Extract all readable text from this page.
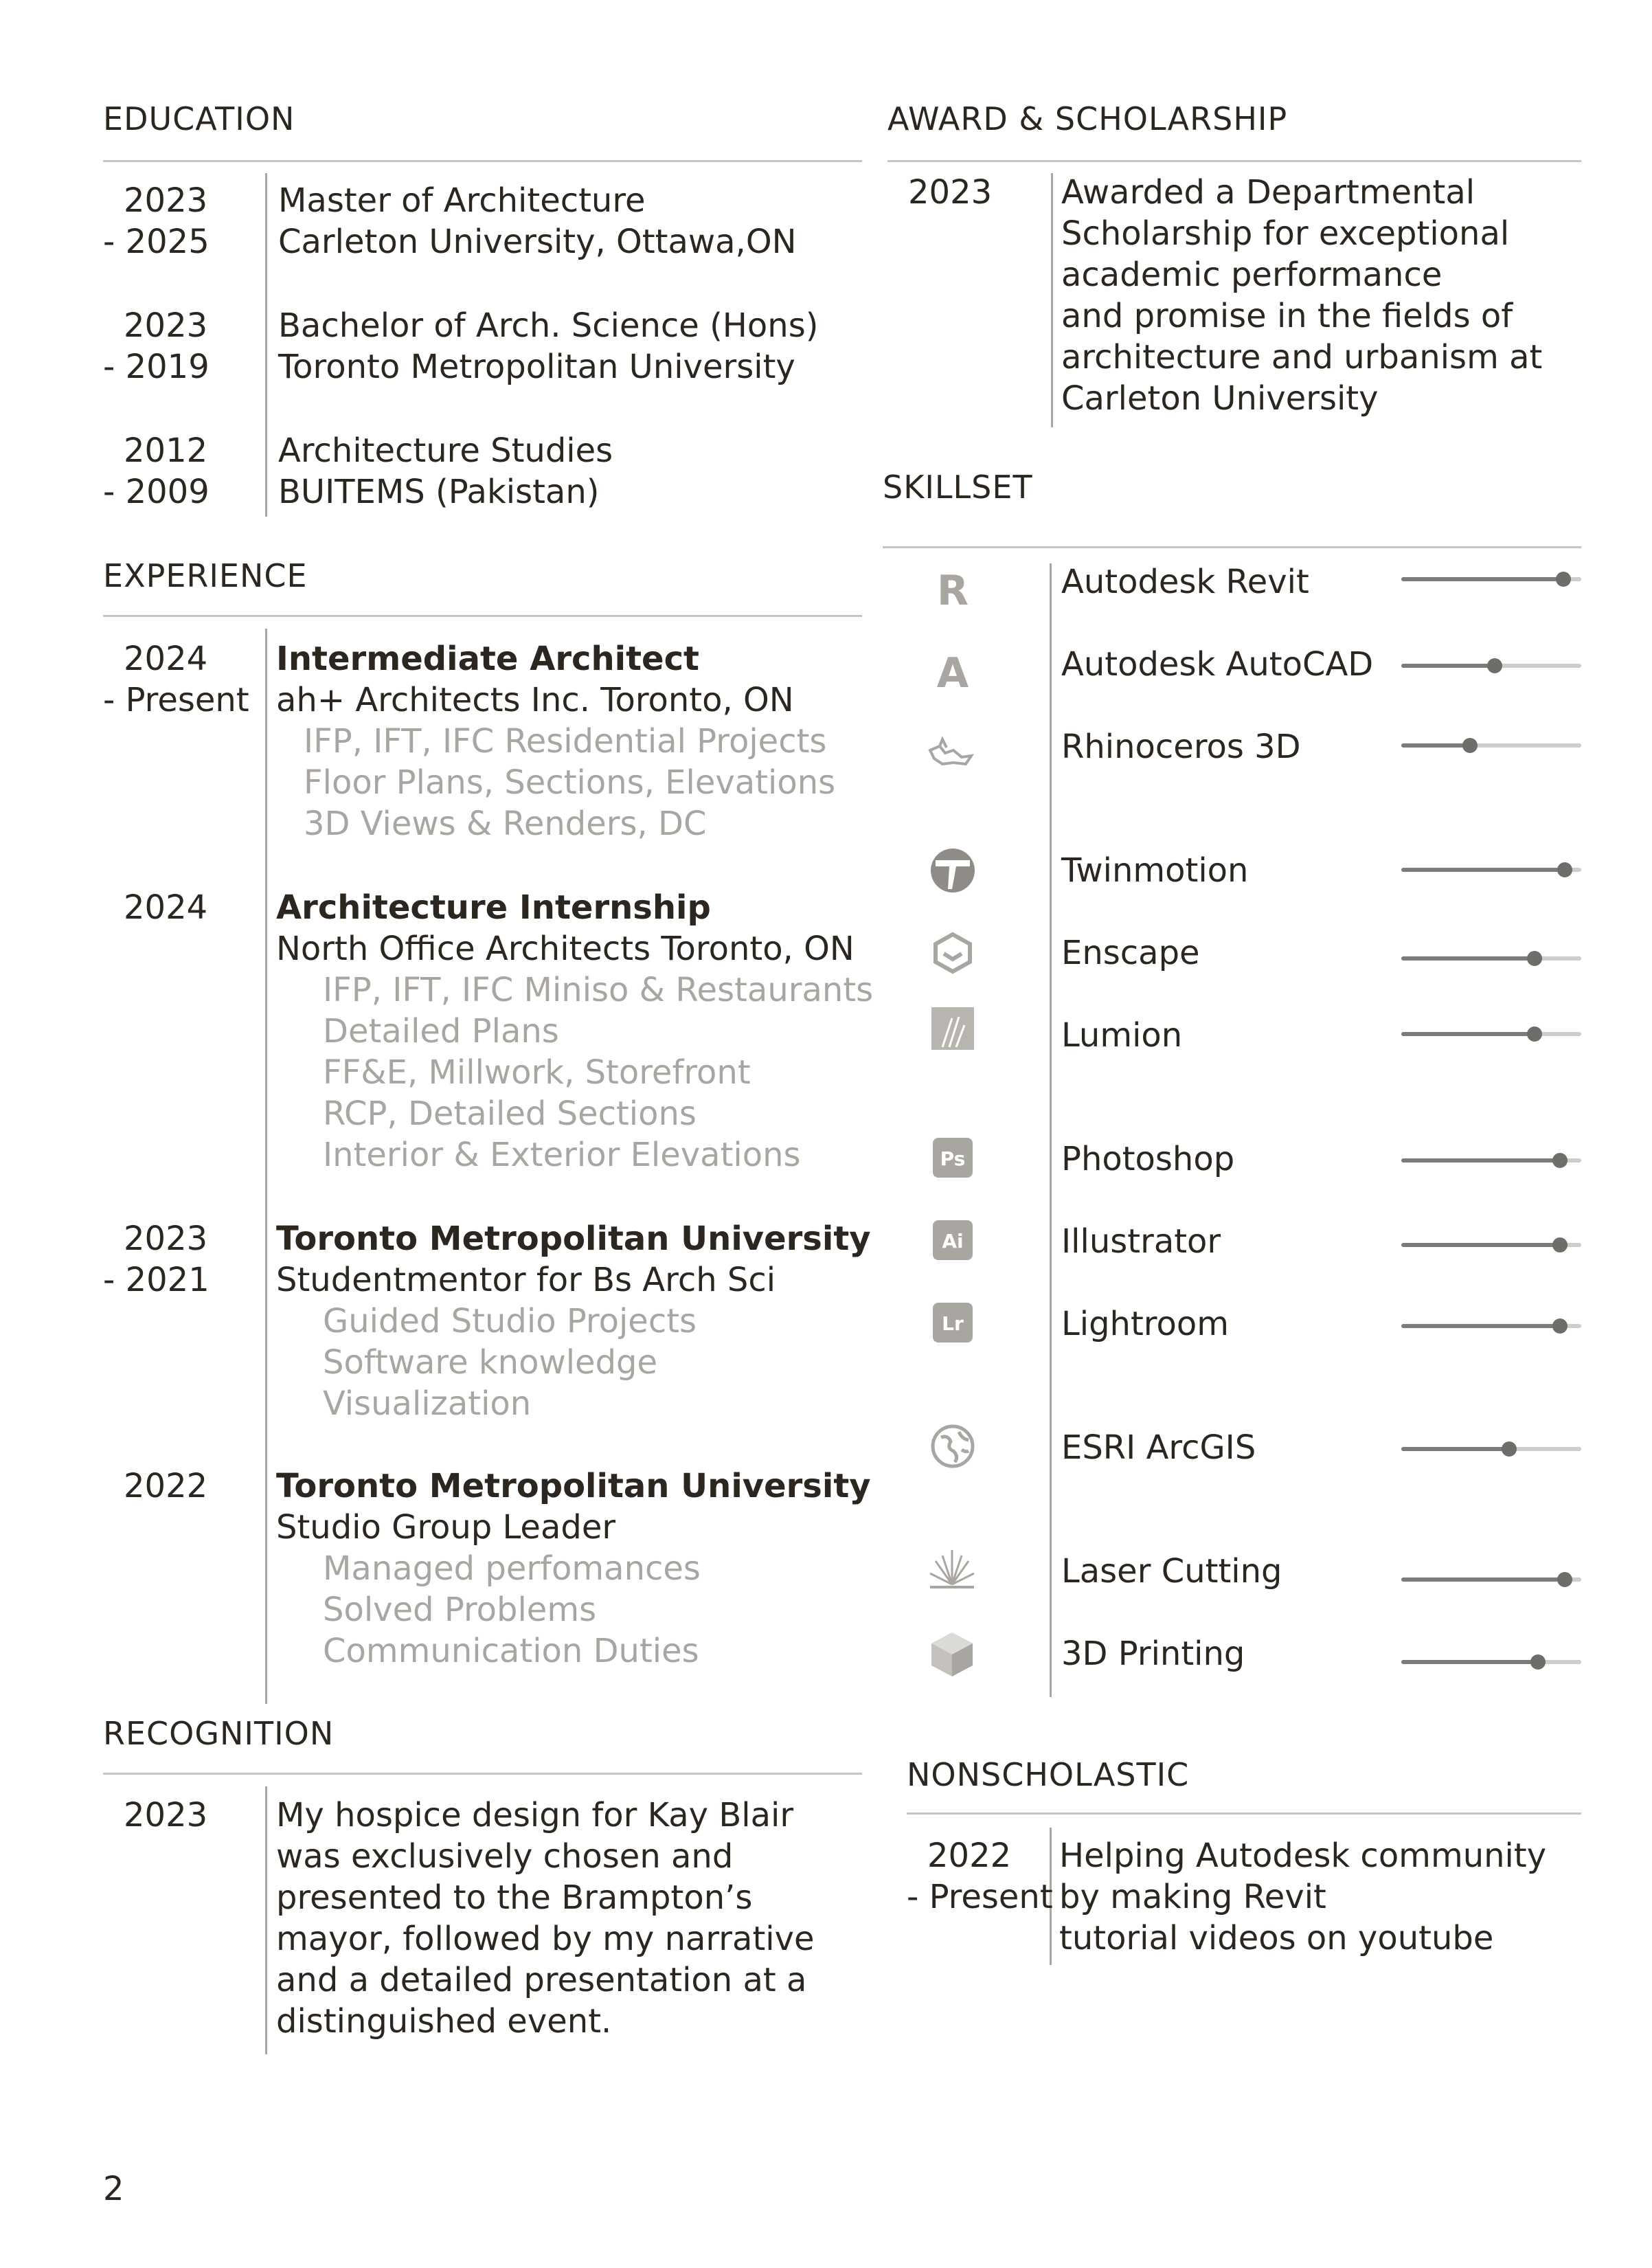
EDUCATION
2023
- 2025
Master of Architecture
Carleton University, Ottawa,ON
2023
- 2019
Bachelor of Arch. Science (Hons)
Toronto Metropolitan University
2012
- 2009
Architecture Studies
BUITEMS (Pakistan)
EXPERIENCE
2024
- Present
Intermediate Architect
ah+ Architects Inc. Toronto, ON
IFP, IFT, IFC Residential Projects
Floor Plans, Sections, Elevations
3D Views & Renders, DC
2024 Architecture Internship
North Office Architects Toronto, ON
IFP, IFT, IFC Miniso & Restaurants
Detailed Plans
FF&E, Millwork, Storefront
RCP, Detailed Sections
Interior & Exterior Elevations
2023
- 2021
Toronto Metropolitan University
Studentmentor for Bs Arch Sci
Guided Studio Projects
Software knowledge
Visualization
2022 Toronto Metropolitan University
Studio Group Leader
Managed perfomances
Solved Problems
Communication Duties
RECOGNITION
2023 My hospice design for Kay Blair
was exclusively chosen and
presented to the Brampton’s
mayor, followed by my narrative
and a detailed presentation at a
distinguished event.
2
AWARD & SCHOLARSHIP
2023 Awarded a Departmental
Scholarship for exceptional
academic performance
and promise in the fields of
architecture and urbanism at
Carleton University
SKILLSET
R
A
Ps
Ai
Lr
Autodesk Revit
Autodesk AutoCAD
Rhinoceros 3D
Twinmotion
Enscape
Lumion
Photoshop
Illustrator
Lightroom
ESRI ArcGIS
Laser Cutting
3D Printing
NONSCHOLASTIC
2022
- Present
Helping Autodesk community
by making Revit
tutorial videos on youtube
